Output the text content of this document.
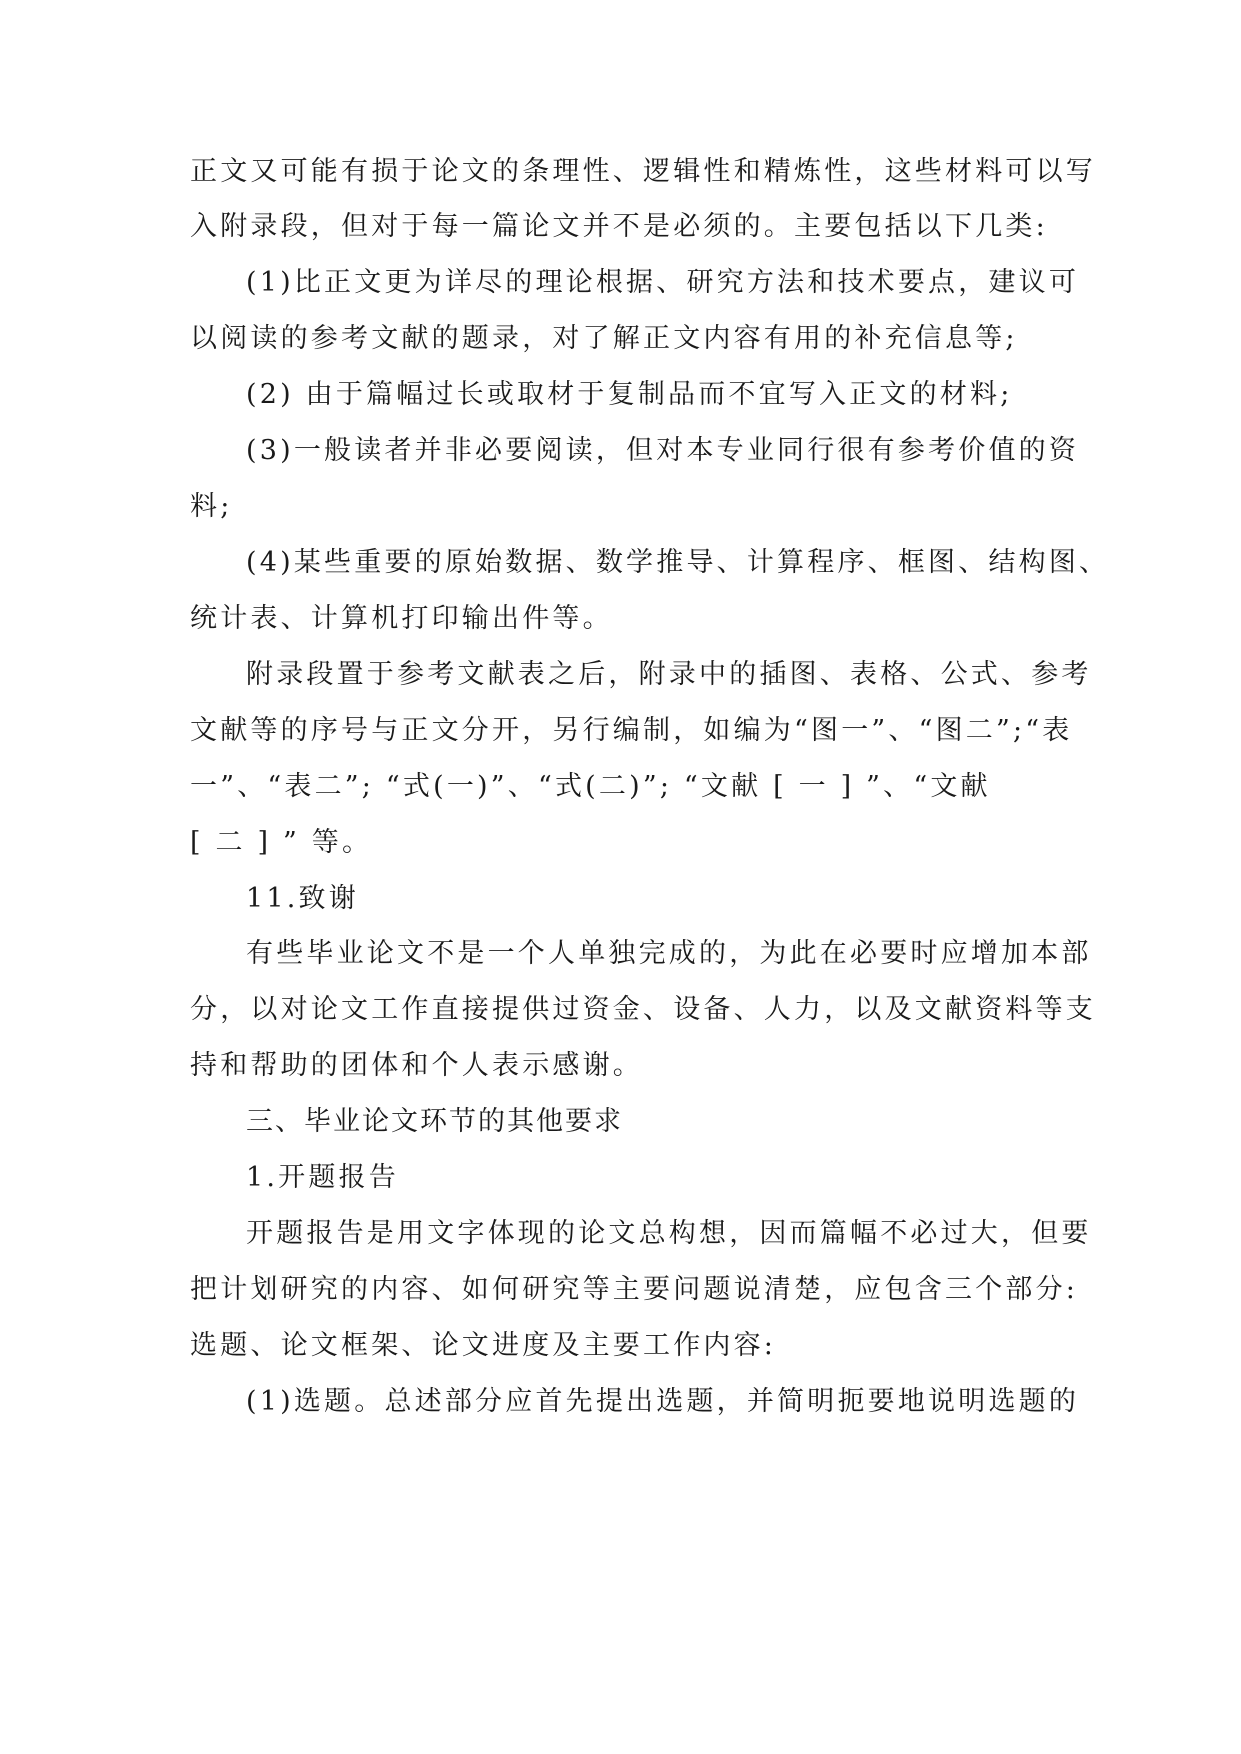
正文又可能有损于论文的条理性、逻辑性和精炼性，这些材料可以写
入附录段，但对于每一篇论文并不是必须的。主要包括以下几类:
(1)比正文更为详尽的理论根据、研究方法和技术要点，建议可
以阅读的参考文献的题录，对了解正文内容有用的补充信息等;
(2) 由于篇幅过长或取材于复制品而不宜写入正文的材料;
(3)一般读者并非必要阅读，但对本专业同行很有参考价值的资
料;
(4)某些重要的原始数据、数学推导、计算程序、框图、结构图、
统计表、计算机打印输出件等。
附录段置于参考文献表之后，附录中的插图、表格、公式、参考
文献等的序号与正文分开，另行编制，如编为“图一”、“图二”;“表
一”、“表二”; “式(一)”、“式(二)”; “文献 [ 一 ] ”、“文献
[ 二 ] ” 等。
11.致谢
有些毕业论文不是一个人单独完成的，为此在必要时应增加本部
分，以对论文工作直接提供过资金、设备、人力，以及文献资料等支
持和帮助的团体和个人表示感谢。
三、毕业论文环节的其他要求
1.开题报告
开题报告是用文字体现的论文总构想，因而篇幅不必过大，但要
把计划研究的内容、如何研究等主要问题说清楚，应包含三个部分:
选题、论文框架、论文进度及主要工作内容:
(1)选题。总述部分应首先提出选题，并简明扼要地说明选题的
